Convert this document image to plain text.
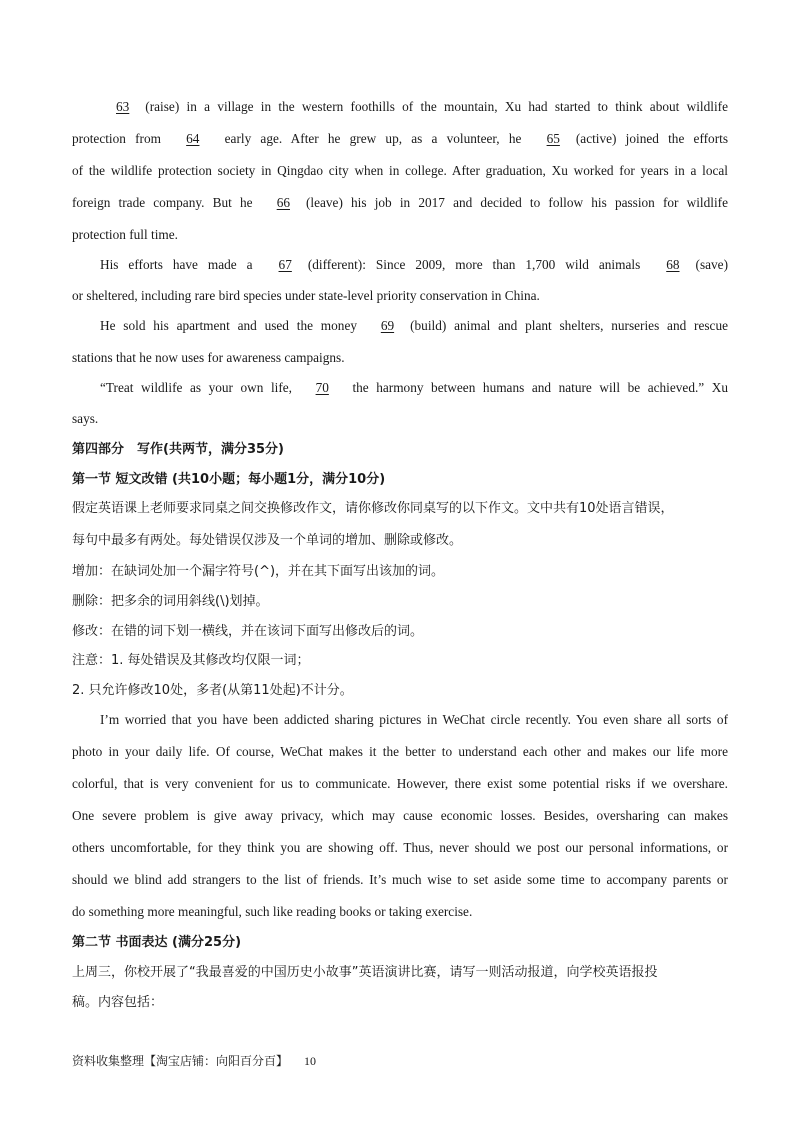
63 (raise) in a village in the western foothills of the mountain, Xu had started to think about wildlife
protection from 64 early age. After he grew up, as a volunteer, he 65 (active) joined the efforts
of the wildlife protection society in Qingdao city when in college. After graduation, Xu worked for years in a local
foreign trade company. But he 66 (leave) his job in 2017 and decided to follow his passion for wildlife
protection full time.
His efforts have made a 67 (different): Since 2009, more than 1,700 wild animals 68 (save)
or sheltered, including rare bird species under state-level priority conservation in China.
He sold his apartment and used the money 69 (build) animal and plant shelters, nurseries and rescue
stations that he now uses for awareness campaigns.
“Treat wildlife as your own life, 70 the harmony between humans and nature will be achieved.” Xu
says.
第四部分　写作(共两节，满分35分)
第一节 短文改错 (共10小题；每小题1分，满分10分)
假定英语课上老师要求同桌之间交换修改作文，请你修改你同桌写的以下作文。文中共有10处语言错误，
每句中最多有两处。每处错误仅涉及一个单词的增加、删除或修改。
增加：在缺词处加一个漏字符号(^)，并在其下面写出该加的词。
删除：把多余的词用斜线(\)划掉。
修改：在错的词下划一横线，并在该词下面写出修改后的词。
注意：1. 每处错误及其修改均仅限一词；
2. 只允许修改10处，多者(从第11处起)不计分。
I’m worried that you have been addicted sharing pictures in WeChat circle recently. You even share all sorts of
photo in your daily life. Of course, WeChat makes it the better to understand each other and makes our life more
colorful, that is very convenient for us to communicate. However, there exist some potential risks if we overshare.
One severe problem is give away privacy, which may cause economic losses. Besides, oversharing can makes
others uncomfortable, for they think you are showing off. Thus, never should we post our personal informations, or
should we blind add strangers to the list of friends. It’s much wise to set aside some time to accompany parents or
do something more meaningful, such like reading books or taking exercise.
第二节 书面表达 (满分25分)
上周三，你校开展了“我最喜爱的中国历史小故事”英语演讲比赛，请写一则活动报道，向学校英语报投
稿。内容包括：
资料收集整理【淘宝店铺：向阳百分百】 10
